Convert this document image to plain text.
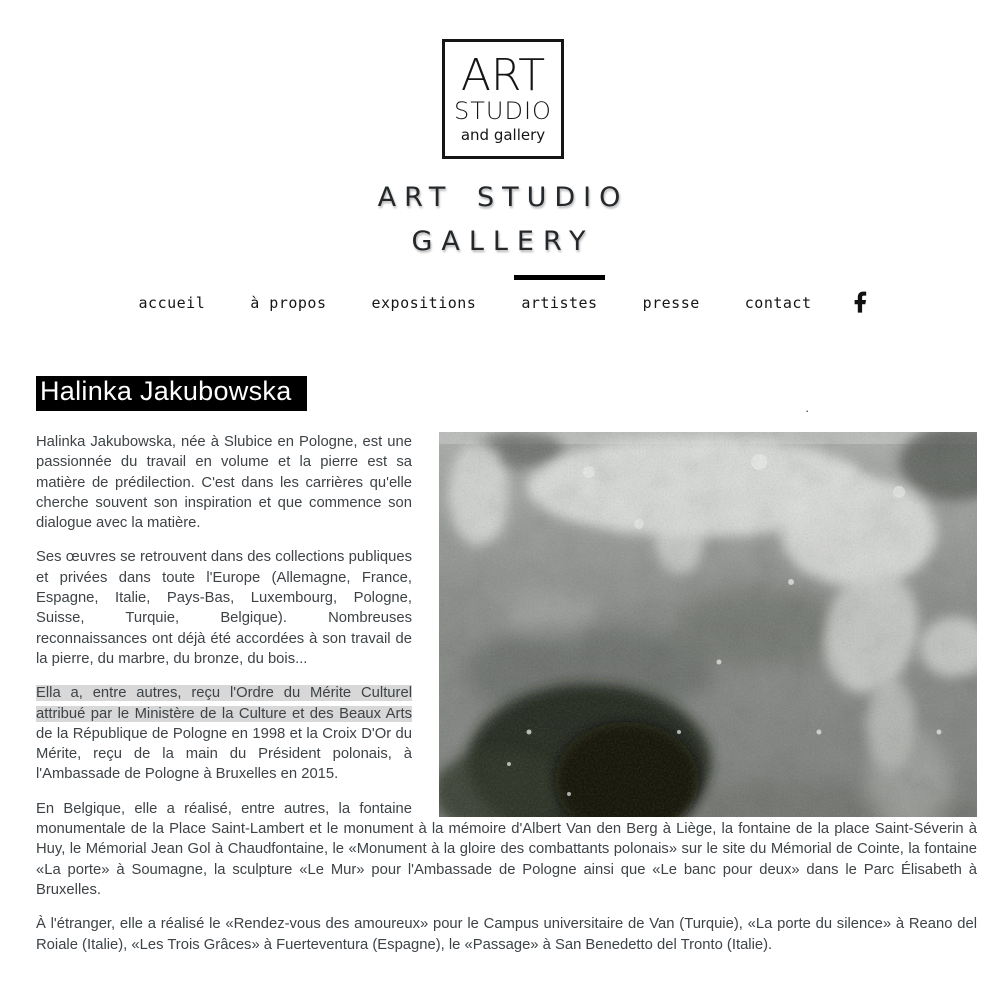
ART
STUDIO
and gallery
ART STUDIO
GALLERY
accueil	à propos	expositions	artistes	presse	contact
Halinka Jakubowska
.

Halinka Jakubowska, née à Slubice en Pologne, est une passionnée du travail en volume et la pierre est sa matière de prédilection. C'est dans les carrières qu'elle cherche souvent son inspiration et que commence son dialogue avec la matière.

Ses œuvres se retrouvent dans des collections publiques et privées dans toute l'Europe (Allemagne, France, Espagne, Italie, Pays-Bas, Luxembourg, Pologne, Suisse, Turquie, Belgique). Nombreuses reconnaissances ont déjà été accordées à son travail de la pierre, du marbre, du bronze, du bois...

Ella a, entre autres, reçu l'Ordre du Mérite Culturel attribué par le Ministère de la Culture et des Beaux Arts de la République de Pologne en 1998 et la Croix D'Or du Mérite, reçu de la main du Président polonais, à l'Ambassade de Pologne à Bruxelles en 2015.

En Belgique, elle a réalisé, entre autres, la fontaine monumentale de la Place Saint-Lambert et le monument à la mémoire d'Albert Van den Berg à Liège, la fontaine de la place Saint-Séverin à Huy, le Mémorial Jean Gol à Chaudfontaine, le «Monument à la gloire des combattants polonais» sur le site du Mémorial de Cointe, la fontaine «La porte» à Soumagne, la sculpture «Le Mur» pour l'Ambassade de Pologne ainsi que «Le banc pour deux» dans le Parc Élisabeth à Bruxelles.

À l'étranger, elle a réalisé le «Rendez-vous des amoureux» pour le Campus universitaire de Van (Turquie), «La porte du silence» à Reano del Roiale (Italie), «Les Trois Grâces» à Fuerteventura (Espagne), le «Passage» à San Benedetto del Tronto (Italie).
